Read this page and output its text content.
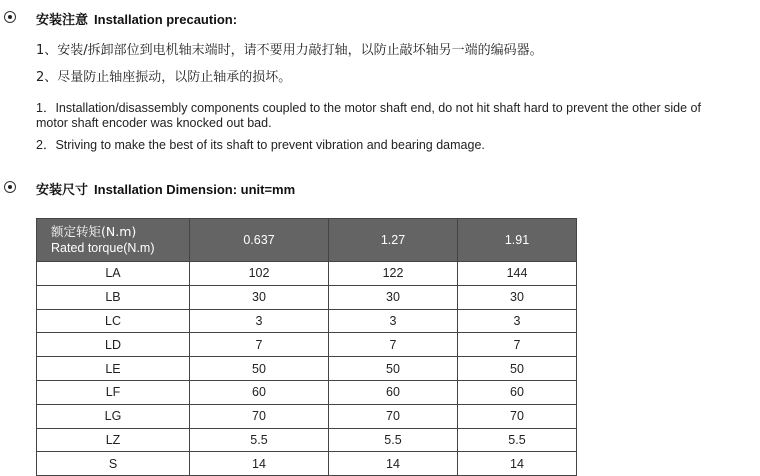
安装注意 Installation precaution:
1、安装/拆卸部位到电机轴末端时，请不要用力敲打轴，以防止敲坏轴另一端的编码器。
2、尽量防止轴座振动，以防止轴承的损坏。
1．Installation/disassembly components coupled to the motor shaft end, do not hit shaft hard to prevent the other side of
motor shaft encoder was knocked out bad.
2．Striving to make the best of its shaft to prevent vibration and bearing damage.
安装尺寸 Installation Dimension: unit=mm
额定转矩(N.m)
Rated torque(N.m)	0.637	1.27	1.91
LA	102	122	144
LB	30	30	30
LC	3	3	3
LD	7	7	7
LE	50	50	50
LF	60	60	60
LG	70	70	70
LZ	5.5	5.5	5.5
S	14	14	14
